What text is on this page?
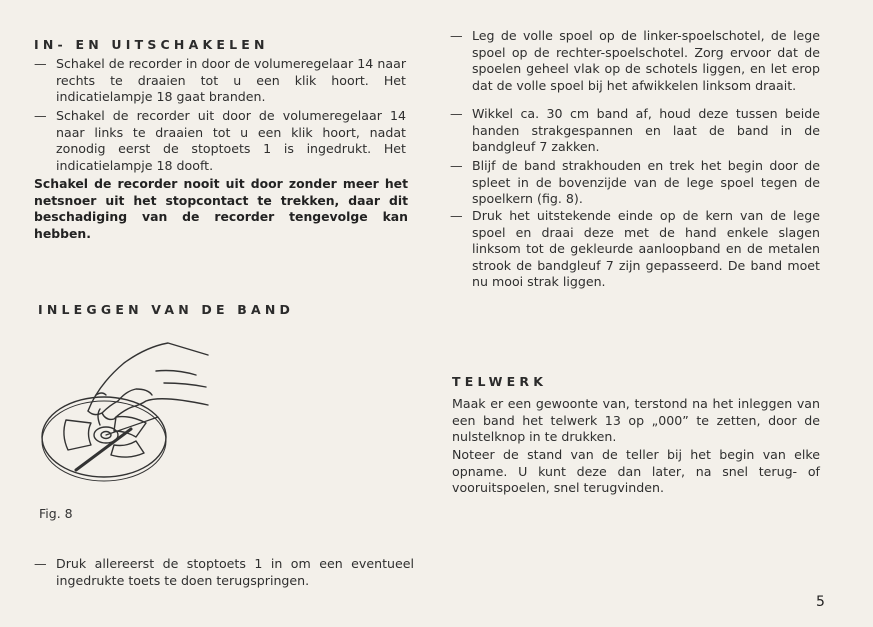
IN- EN UITSCHAKELEN
— Schakel de recorder in door de volumeregelaar 14 naar rechts te draaien tot u een klik hoort. Het indicatielampje 18 gaat branden.
— Schakel de recorder uit door de volumeregelaar 14 naar links te draaien tot u een klik hoort, nadat zonodig eerst de stoptoets 1 is ingedrukt. Het indicatielampje 18 dooft.
Schakel de recorder nooit uit door zonder meer het netsnoer uit het stopcontact te trekken, daar dit beschadiging van de recorder tengevolge kan hebben.
INLEGGEN VAN DE BAND
Fig. 8
— Druk allereerst de stoptoets 1 in om een eventueel ingedrukte toets te doen terugspringen.
— Leg de volle spoel op de linker-spoelschotel, de lege spoel op de rechter-spoelschotel. Zorg ervoor dat de spoelen geheel vlak op de schotels liggen, en let erop dat de volle spoel bij het afwikkelen linksom draait.
— Wikkel ca. 30 cm band af, houd deze tussen beide handen strakgespannen en laat de band in de bandgleuf 7 zakken.
— Blijf de band strakhouden en trek het begin door de spleet in de bovenzijde van de lege spoel tegen de spoelkern (fig. 8).
— Druk het uitstekende einde op de kern van de lege spoel en draai deze met de hand enkele slagen linksom tot de gekleurde aanloopband en de metalen strook de bandgleuf 7 zijn gepasseerd. De band moet nu mooi strak liggen.
TELWERK
Maak er een gewoonte van, terstond na het inleggen van een band het telwerk 13 op „000” te zetten, door de nulstelknop in te drukken.
Noteer de stand van de teller bij het begin van elke opname. U kunt deze dan later, na snel terug- of vooruitspoelen, snel terugvinden.
5
